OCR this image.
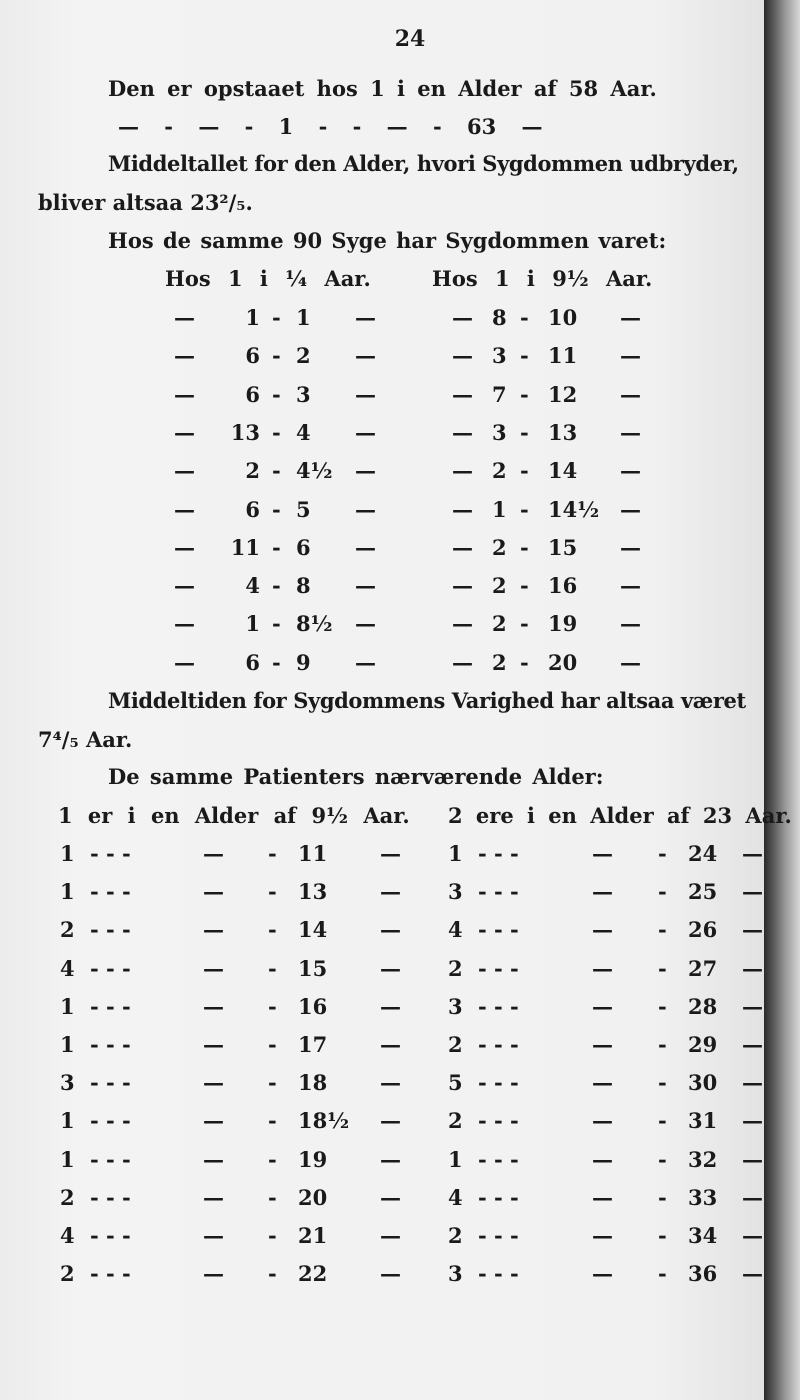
24
Den er opstaaet hos 1 i en Alder af 58 Aar.
— - — - 1 - - — - 63 —
Middeltallet for den Alder, hvori Sygdommen udbryder,
bliver altsaa 23²/₅.
Hos de samme 90 Syge har Sygdommen varet:
Hos 1 i ¼ Aar.	Hos 1 i 9½ Aar.
—	1 - 1 —	— 8 - 10 —
—	6 - 2 —	— 3 - 11 —
—	6 - 3 —	— 7 - 12 —
—	13 - 4 —	— 3 - 13 —
—	2 - 4½ —	— 2 - 14 —
—	6 - 5 —	— 1 - 14½ —
—	11 - 6 —	— 2 - 15 —
—	4 - 8 —	— 2 - 16 —
—	1 - 8½ —	— 2 - 19 —
—	6 - 9 —	— 2 - 20 —
Middeltiden for Sygdommens Varighed har altsaa været
7⁴/₅ Aar.
De samme Patienters nærværende Alder:
1 er i en Alder af 9½ Aar. 2 ere i en Alder af 23 Aar.
1 - - -	— - 11	— 1 - - -	— - 24 —
1 - - -	— - 13	— 3 - - -	— - 25 —
2 - - -	— - 14	— 4 - - -	— - 26 —
4 - - -	— - 15	— 2 - - -	— - 27 —
1 - - -	— - 16	— 3 - - -	— - 28 —
1 - - -	— - 17	— 2 - - -	— - 29 —
3 - - -	— - 18	— 5 - - -	— - 30 —
1 - - -	— - 18½ — 2 - - -	— - 31 —
1 - - -	— - 19	— 1 - - -	— - 32 —
2 - - -	— - 20	— 4 - - -	— - 33 —
4 - - -	— - 21	— 2 - - -	— - 34 —
2 - - -	— - 22	— 3 - - -	— - 36 —
